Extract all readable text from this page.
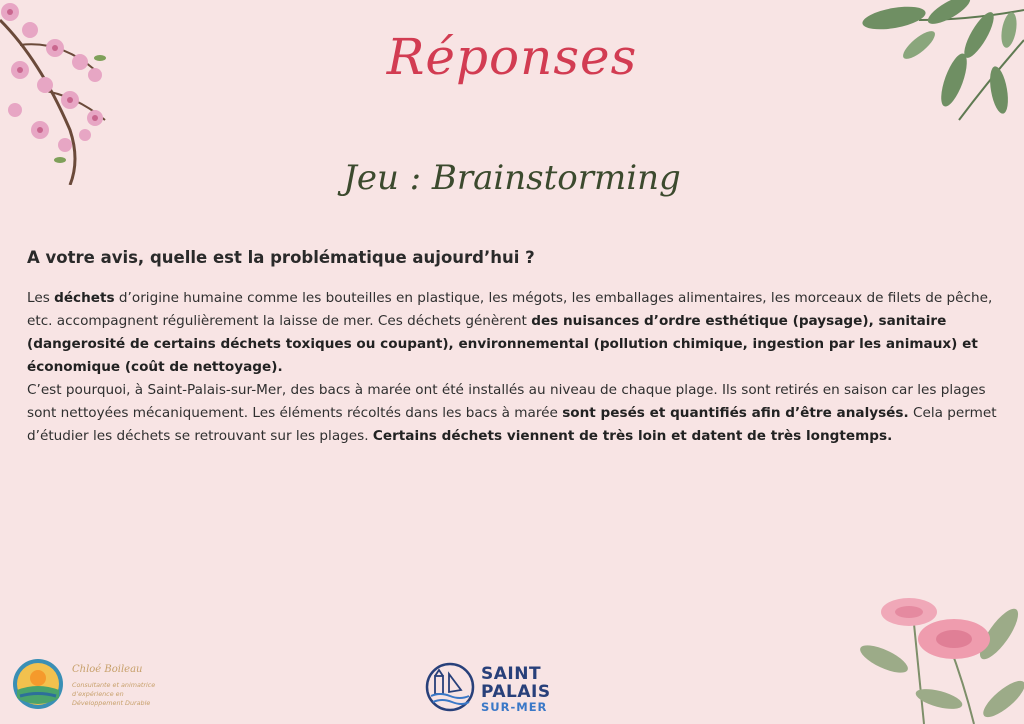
Réponses
Jeu : Brainstorming
A votre avis, quelle est la problématique aujourd’hui ?

Les déchets d’origine humaine comme les bouteilles en plastique, les mégots, les emballages alimentaires, les morceaux de filets de pêche, etc. accompagnent régulièrement la laisse de mer. Ces déchets génèrent des nuisances d’ordre esthétique (paysage), sanitaire (dangerosité de certains déchets toxiques ou coupant), environnemental (pollution chimique, ingestion par les animaux) et économique (coût de nettoyage).

C’est pourquoi, à Saint-Palais-sur-Mer, des bacs à marée ont été installés au niveau de chaque plage. Ils sont retirés en saison car les plages sont nettoyées mécaniquement. Les éléments récoltés dans les bacs à marée sont pesés et quantifiés afin d’être analysés. Cela permet d’étudier les déchets se retrouvant sur les plages. Certains déchets viennent de très loin et datent de très longtemps.

Chloé Boileau
Consultante et animatrice
d’expérience en
Développement Durable
SAINT
PALAIS
SUR-MER
